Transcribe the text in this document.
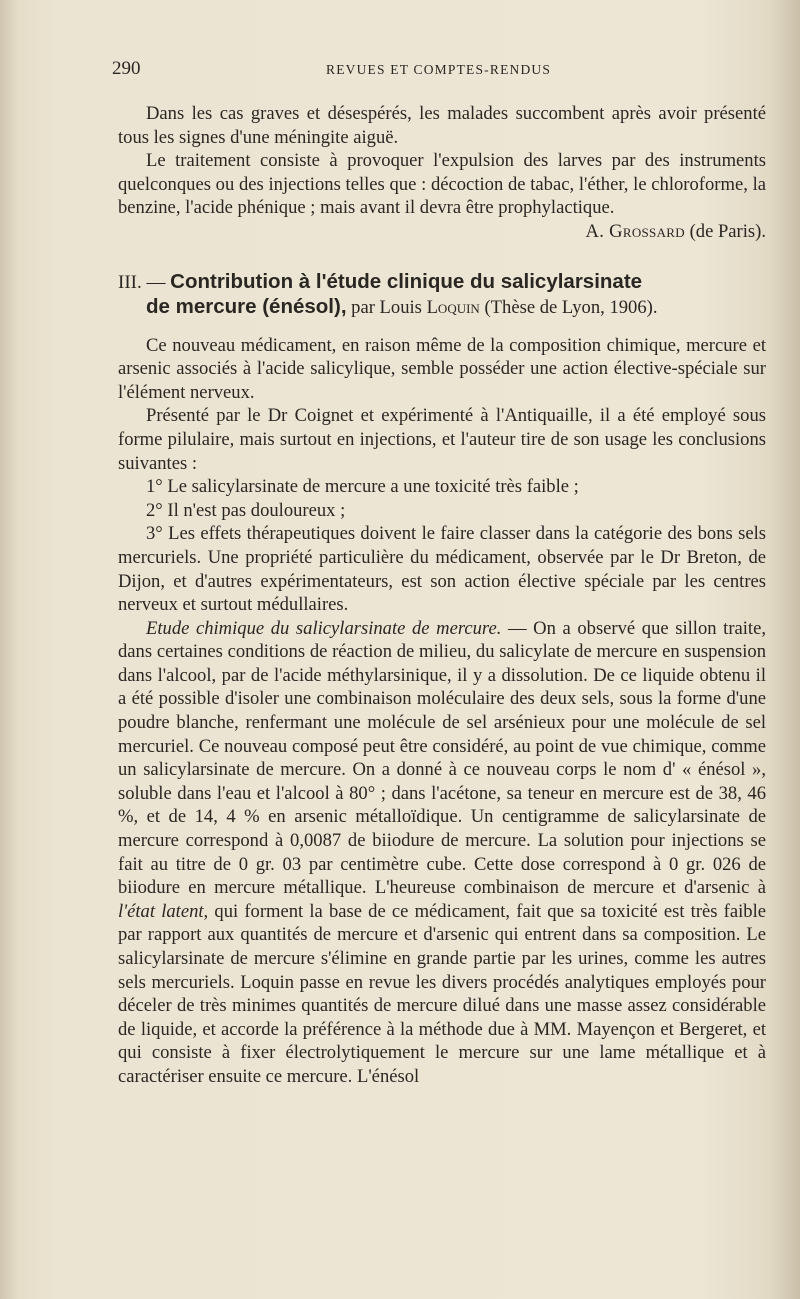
290	REVUES ET COMPTES-RENDUS

Dans les cas graves et désespérés, les malades succombent après avoir présenté tous les signes d'une méningite aiguë.

Le traitement consiste à provoquer l'expulsion des larves par des instruments quelconques ou des injections telles que : décoction de tabac, l'éther, le chloroforme, la benzine, l'acide phénique ; mais avant il devra être prophylactique.

A. Grossard (de Paris).

III. — Contribution à l'étude clinique du salicylarsinate
de mercure (énésol), par Louis Loquin (Thèse de Lyon, 1906).

Ce nouveau médicament, en raison même de la composition chimique, mercure et arsenic associés à l'acide salicylique, semble posséder une action élective-spéciale sur l'élément nerveux.

Présenté par le Dr Coignet et expérimenté à l'Antiquaille, il a été employé sous forme pilulaire, mais surtout en injections, et l'auteur tire de son usage les conclusions suivantes :

1° Le salicylarsinate de mercure a une toxicité très faible ;

2° Il n'est pas douloureux ;

3° Les effets thérapeutiques doivent le faire classer dans la catégorie des bons sels mercuriels. Une propriété particulière du médicament, observée par le Dr Breton, de Dijon, et d'autres expérimentateurs, est son action élective spéciale par les centres nerveux et surtout médullaires.

Etude chimique du salicylarsinate de mercure. — On a observé que sillon traite, dans certaines conditions de réaction de milieu, du salicylate de mercure en suspension dans l'alcool, par de l'acide méthylarsinique, il y a dissolution. De ce liquide obtenu il a été possible d'isoler une combinaison moléculaire des deux sels, sous la forme d'une poudre blanche, renfermant une molécule de sel arsénieux pour une molécule de sel mercuriel. Ce nouveau composé peut être considéré, au point de vue chimique, comme un salicylarsinate de mercure. On a donné à ce nouveau corps le nom d' « énésol », soluble dans l'eau et l'alcool à 80° ; dans l'acétone, sa teneur en mercure est de 38, 46 %, et de 14, 4 % en arsenic métalloïdique. Un centigramme de salicylarsinate de mercure correspond à 0,0087 de biiodure de mercure. La solution pour injections se fait au titre de 0 gr. 03 par centimètre cube. Cette dose correspond à 0 gr. 026 de biiodure en mercure métallique. L'heureuse combinaison de mercure et d'arsenic à l'état latent, qui forment la base de ce médicament, fait que sa toxicité est très faible par rapport aux quantités de mercure et d'arsenic qui entrent dans sa composition. Le salicylarsinate de mercure s'élimine en grande partie par les urines, comme les autres sels mercuriels. Loquin passe en revue les divers procédés analytiques employés pour déceler de très minimes quantités de mercure dilué dans une masse assez considérable de liquide, et accorde la préférence à la méthode due à MM. Mayençon et Bergeret, et qui consiste à fixer électrolytiquement le mercure sur une lame métallique et à caractériser ensuite ce mercure. L'énésol
